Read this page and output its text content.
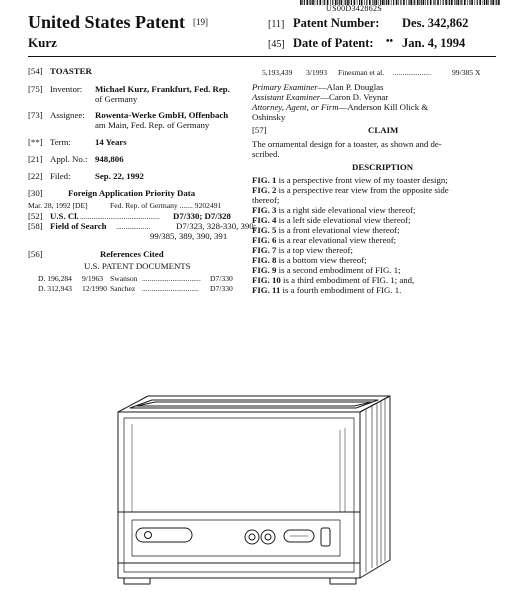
US00D342862S
United States Patent [19]
Kurz
[11] Patent Number: Des. 342,862
[45] Date of Patent: •• Jan. 4, 1994
[54] TOASTER
[75] Inventor: Michael Kurz, Frankfurt, Fed. Rep.
of Germany
[73] Assignee: Rowenta-Werke GmbH, Offenbach
am Main, Fed. Rep. of Germany
[**] Term:	14 Years
[21] Appl. No.: 948,806
[22] Filed:	Sep. 22, 1992
[30]	Foreign Application Priority Data
Mar. 28, 1992 [DE]	Fed. Rep. of Germany ....... 9202491
[52] U.S. Cl. .......................................... D7/330; D7/328
[58] Field of Search ..................	D7/323, 328-330, 390;
99/385, 389, 390, 391
[56]	References Cited
U.S. PATENT DOCUMENTS
D. 196,284 9/1963 Swanson ............................... D7/330
D. 312,943 12/1990 Sanchez .............................. D7/330
5,193,439 3/1993 Finesman et al. ....................	99/385 X
Primary Examiner—Alan P. Douglas
Assistant Examiner—Caron D. Veynar
Attorney, Agent, or Firm—Anderson Kill Olick &
Oshinsky
[57]	CLAIM
The ornamental design for a toaster, as shown and de-
scribed.
DESCRIPTION
FIG. 1 is a perspective front view of my toaster design;
FIG. 2 is a perspective rear view from the opposite side
thereof;
FIG. 3 is a right side elevational view thereof;
FIG. 4 is a left side elevational view thereof;
FIG. 5 is a front elevational view thereof;
FIG. 6 is a rear elevational view thereof;
FIG. 7 is a top view thereof;
FIG. 8 is a bottom view thereof;
FIG. 9 is a second embodiment of FIG. 1;
FIG. 10 is a third embodiment of FIG. 1; and,
FIG. 11 is a fourth embodiment of FIG. 1.
